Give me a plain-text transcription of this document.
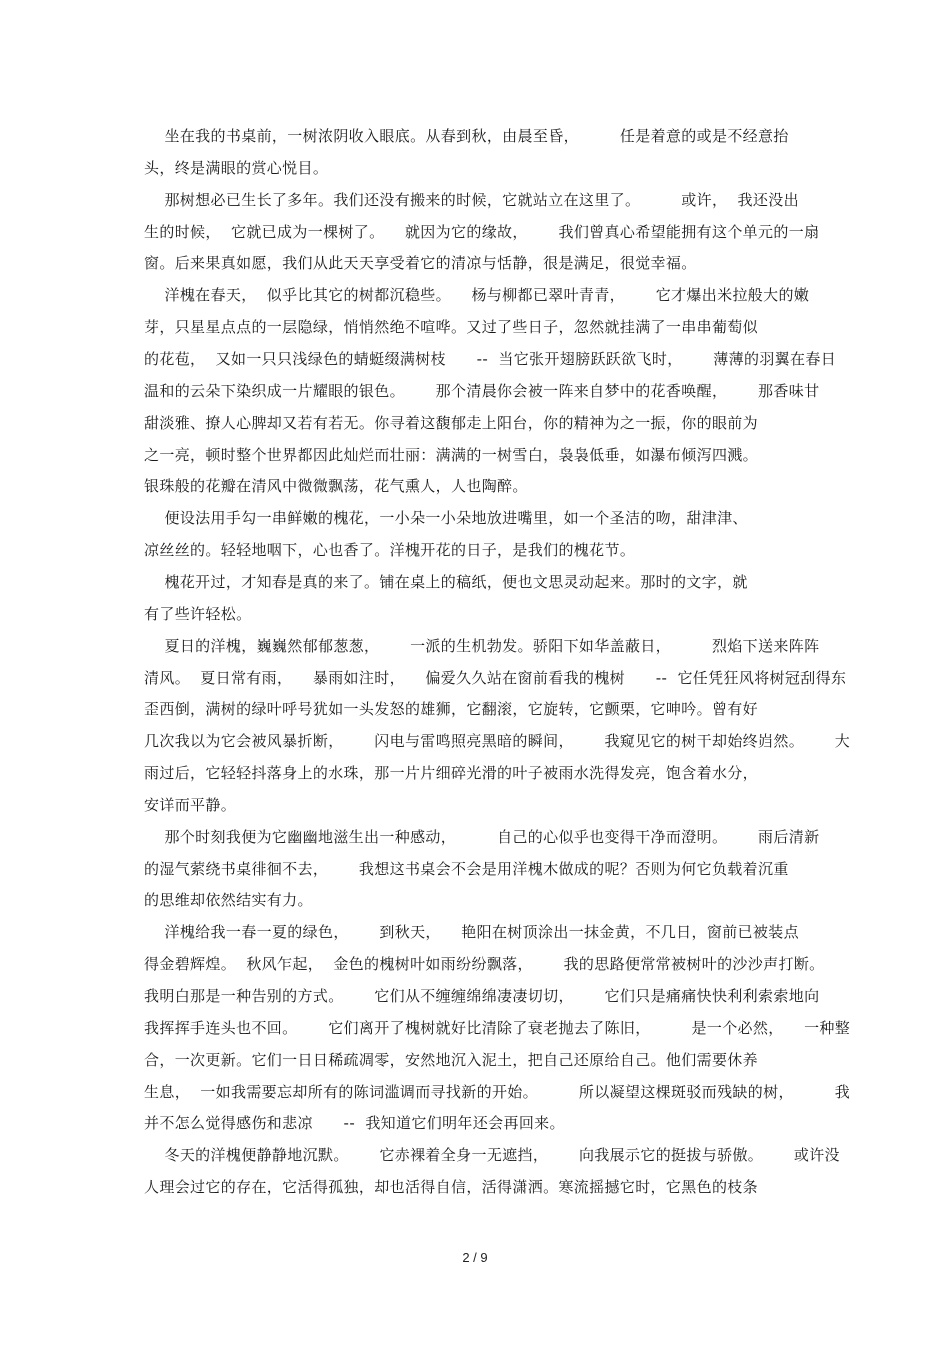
坐在我的书桌前，一树浓阴收入眼底。从春到秋，由晨至昏，        任是着意的或是不经意抬
头，终是满眼的赏心悦目。
那树想必已生长了多年。我们还没有搬来的时候，它就站立在这里了。        或许，  我还没出
生的时候，  它就已成为一棵树了。    就因为它的缘故，      我们曾真心希望能拥有这个单元的一扇
窗。后来果真如愿，我们从此天天享受着它的清凉与恬静，很是满足，很觉幸福。
洋槐在春天，  似乎比其它的树都沉稳些。    杨与柳都已翠叶青青，      它才爆出米拉般大的嫩
芽，只星星点点的一层隐绿，悄悄然绝不喧哗。又过了些日子，忽然就挂满了一串串葡萄似
的花苞，  又如一只只浅绿色的蜻蜓缀满树枝      --  当它张开翅膀跃跃欲飞时，      薄薄的羽翼在春日
温和的云朵下染织成一片耀眼的银色。      那个清晨你会被一阵来自梦中的花香唤醒，      那香味甘
甜淡雅、撩人心脾却又若有若无。你寻着这馥郁走上阳台，你的精神为之一振，你的眼前为
之一亮，顿时整个世界都因此灿烂而壮丽：满满的一树雪白，袅袅低垂，如瀑布倾泻四溅。
银珠般的花瓣在清风中微微飘荡，花气熏人，人也陶醉。
便设法用手勾一串鲜嫩的槐花，一小朵一小朵地放进嘴里，如一个圣洁的吻，甜津津、
凉丝丝的。轻轻地咽下，心也香了。洋槐开花的日子，是我们的槐花节。
槐花开过，才知春是真的来了。铺在桌上的稿纸，便也文思灵动起来。那时的文字，就
有了些许轻松。
夏日的洋槐，巍巍然郁郁葱葱，      一派的生机勃发。骄阳下如华盖蔽日，        烈焰下送来阵阵
清风。  夏日常有雨，    暴雨如注时，    偏爱久久站在窗前看我的槐树      --  它任凭狂风将树冠刮得东
歪西倒，满树的绿叶呼号犹如一头发怒的雄狮，它翻滚，它旋转，它颤栗，它呻吟。曾有好
几次我以为它会被风暴折断，      闪电与雷鸣照亮黑暗的瞬间，      我窥见它的树干却始终岿然。      大
雨过后，它轻轻抖落身上的水珠，那一片片细碎光滑的叶子被雨水洗得发亮，饱含着水分，
安详而平静。
那个时刻我便为它幽幽地滋生出一种感动，        自己的心似乎也变得干净而澄明。      雨后清新
的湿气萦绕书桌徘徊不去，      我想这书桌会不会是用洋槐木做成的呢？否则为何它负载着沉重
的思维却依然结实有力。
洋槐给我一春一夏的绿色，      到秋天，    艳阳在树顶涂出一抹金黄，不几日，窗前已被装点
得金碧辉煌。  秋风乍起，  金色的槐树叶如雨纷纷飘落，      我的思路便常常被树叶的沙沙声打断。
我明白那是一种告别的方式。      它们从不缠缠绵绵凄凄切切，      它们只是痛痛快快利利索索地向
我挥挥手连头也不回。      它们离开了槐树就好比清除了衰老抛去了陈旧，        是一个必然，    一种整
合，一次更新。它们一日日稀疏凋零，安然地沉入泥土，把自己还原给自己。他们需要休养
生息，  一如我需要忘却所有的陈词滥调而寻找新的开始。        所以凝望这棵斑驳而残缺的树，        我
并不怎么觉得感伤和悲凉      --  我知道它们明年还会再回来。
冬天的洋槐便静静地沉默。      它赤裸着全身一无遮挡，      向我展示它的挺拔与骄傲。      或许没
人理会过它的存在，它活得孤独，却也活得自信，活得潇洒。寒流摇撼它时，它黑色的枝条
2 / 9
